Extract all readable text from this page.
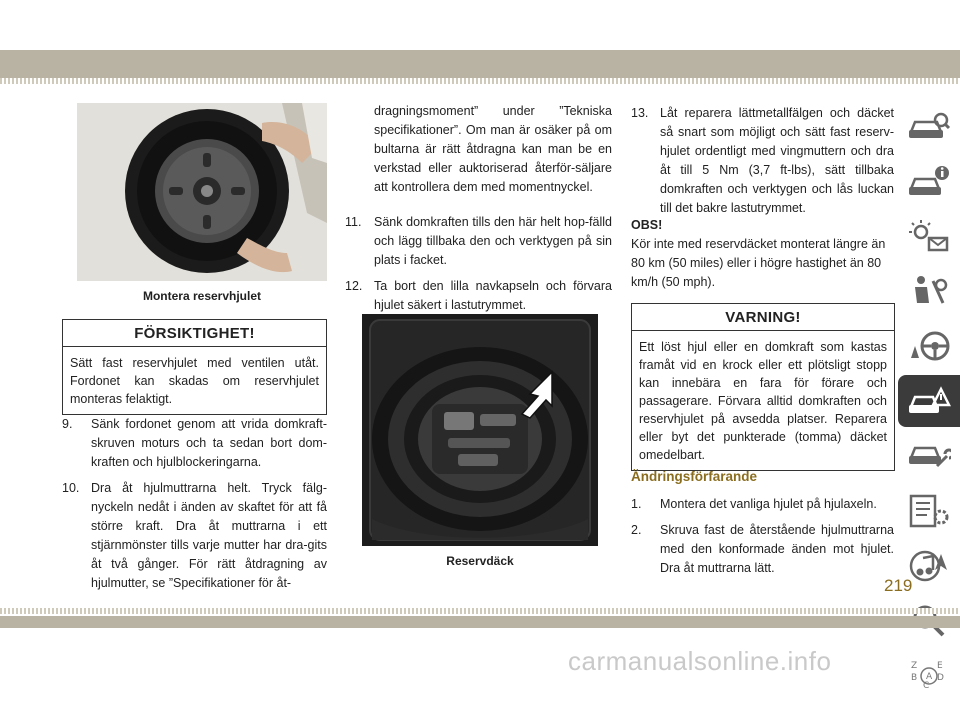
Montera reservhjulet
FÖRSIKTIGHET!
Sätt fast reservhjulet med ventilen utåt. Fordonet kan skadas om reservhjulet monteras felaktigt.
9. Sänk fordonet genom att vrida domkraft-skruven moturs och ta sedan bort dom-kraften och hjulblockeringarna.
10. Dra åt hjulmuttrarna helt. Tryck fälg-nyckeln nedåt i änden av skaftet för att få större kraft. Dra åt muttrarna i ett stjärnmönster tills varje mutter har dra-gits åt två gånger. För rätt åtdragning av hjulmutter, se ”Specifikationer för åt-
dragningsmoment” under ”Tekniska specifikationer”. Om man är osäker på om bultarna är rätt åtdragna kan man be en verkstad eller auktoriserad återför-säljare att kontrollera dem med momentnyckel.
11. Sänk domkraften tills den här helt hop-fälld och lägg tillbaka den och verktygen på sin plats i facket.
12. Ta bort den lilla navkapseln och förvara hjulet säkert i lastutrymmet.
Reservdäck
13. Låt reparera lättmetallfälgen och däcket så snart som möjligt och sätt fast reserv-hjulet ordentligt med vingmuttern och dra åt till 5 Nm (3,7 ft-lbs), sätt tillbaka domkraften och verktygen och lås luckan till det bakre lastutrymmet.
OBS!
Kör inte med reservdäcket monterat längre än 80 km (50 miles) eller i högre hastighet än 80 km/h (50 mph).
VARNING!
Ett löst hjul eller en domkraft som kastas framåt vid en krock eller ett plötsligt stopp kan innebära en fara för förare och passagerare. Förvara alltid domkraften och reservhjulet på avsedda platser. Reparera eller byt det punkterade (tomma) däcket omedelbart.
Ändringsförfarande
1. Montera det vanliga hjulet på hjulaxeln.
2. Skruva fast de återstående hjulmuttrarna med den konformade änden mot hjulet. Dra åt muttrarna lätt.
Z E
B D
C
A
219
carmanualsonline.info
